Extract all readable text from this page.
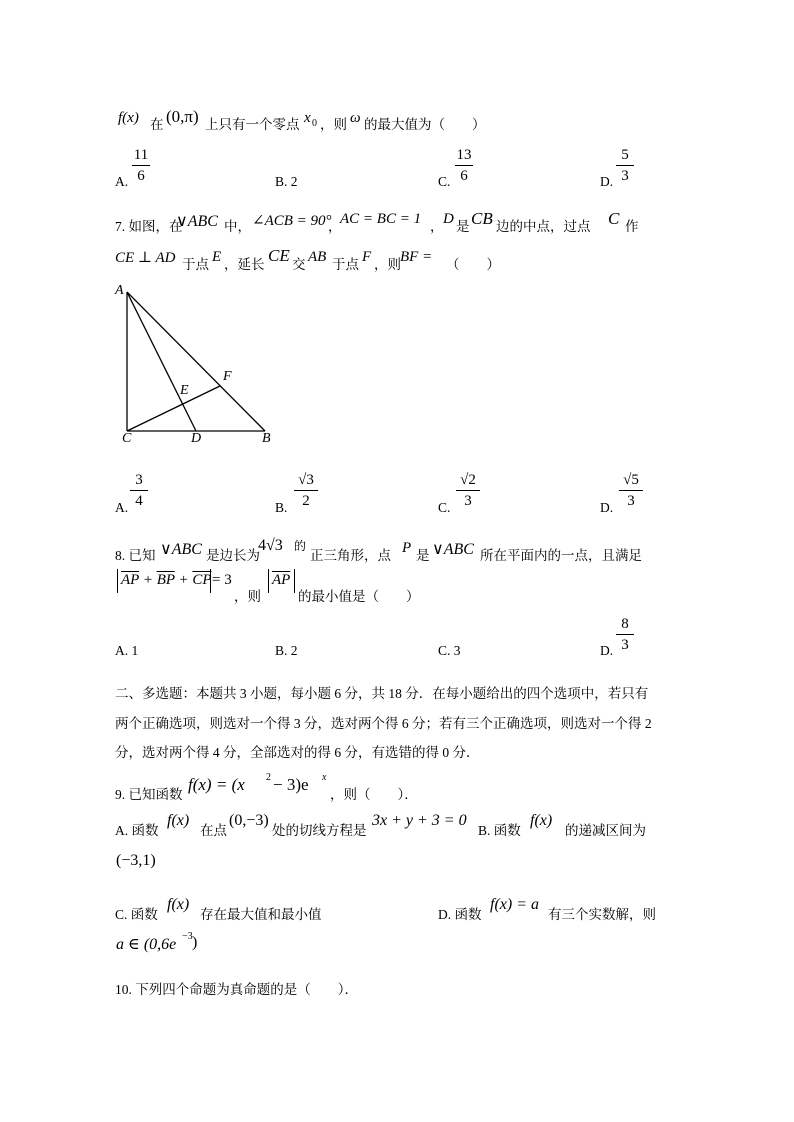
f(x) 在 (0,π) 上只有一个零点 x 0 ，则 ω 的最大值为（　　）
A.
11
6	B. 2	C.
13
6	D.
5
3
7. 如图，在
∨ABC 中， ∠ACB = 90°
，
AC = BC = 1 ， D 是 CB 边的中点，过点 C 作
CE ⊥ AD 于点 E ，延长 CE 交 AB 于点 F ，则 BF = （　　）
A
C	D	B
E
F
A.
3
4	B.
√3
2	C.
√2
3	D.
√5
3
8. 已知 ∨ABC 是边长为
4√3 的
正三角形，点 P 是 ∨ABC 所在平面内的一点，且满足
$\overline{AP} + \overline{BP} + \overline{CP} = 3$
，则
$\overline{AP}$
的最小值是（　　）
A. 1	B. 2	C. 3	D.
8
3
二、多选题：本题共 3 小题，每小题 6 分，共 18 分．在每小题给出的四个选项中，若只有
两个正确选项，则选对一个得 3 分，选对两个得 6 分；若有三个正确选项，则选对一个得 2
分，选对两个得 4 分，全部选对的得 6 分，有选错的得 0 分．
9. 已知函数
f(x) = (x 2 − 3)e x
，则（　　）．
A. 函数
f(x)
在点
(0,−3)
处的切线方程是
3x + y + 3 = 0
B. 函数
f(x)
的递减区间为
(−3,1)
C. 函数
f(x)
存在最大值和最小值	D. 函数
f(x) = a
有三个实数解，则
a ∈ (0,6e −3 )
10. 下列四个命题为真命题的是（　　）．
